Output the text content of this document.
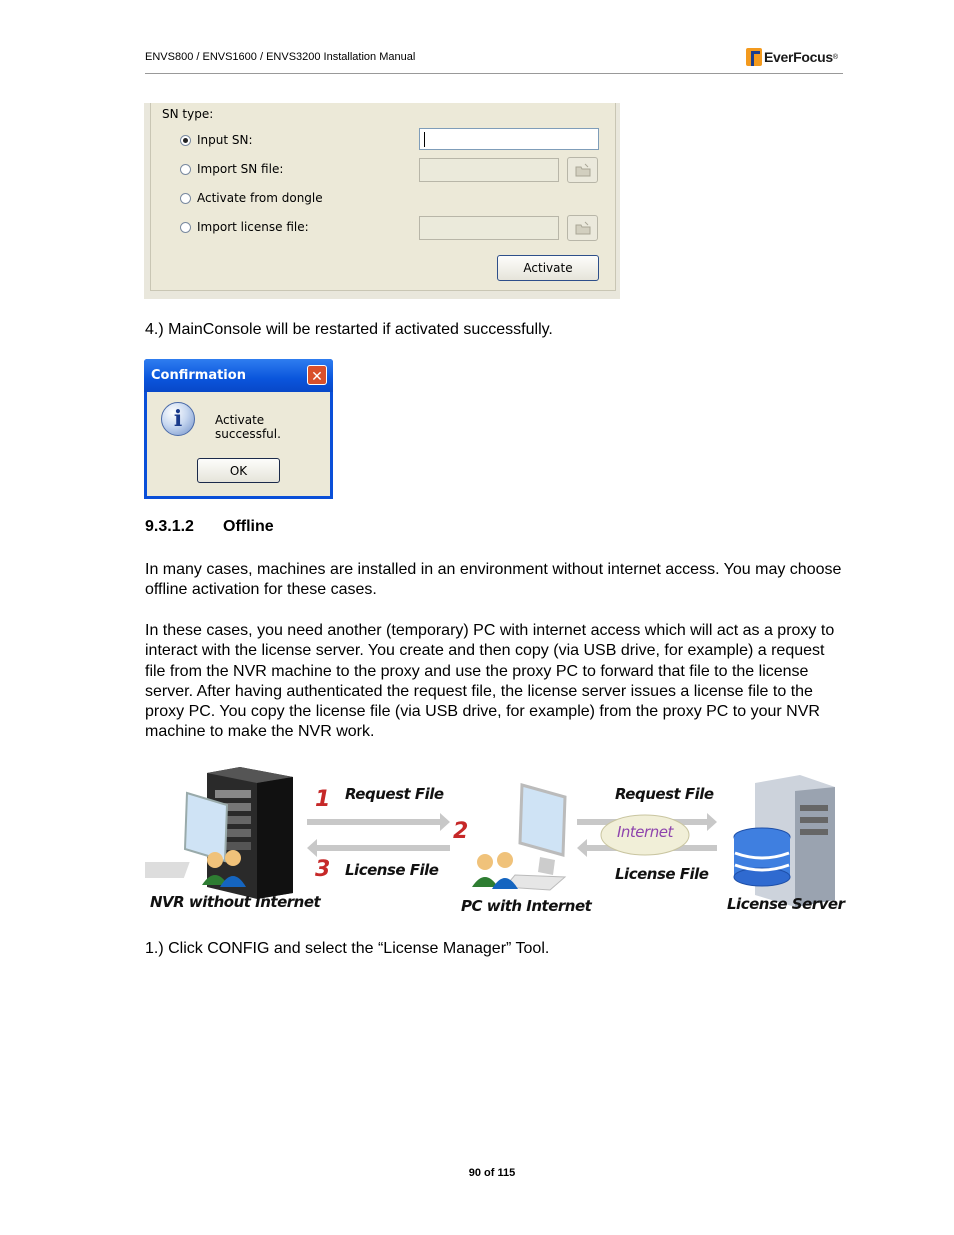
ENVS800 / ENVS1600 / ENVS3200 Installation Manual	EverFocus ®
SN type:
Input SN:
Import SN file:
Activate from dongle
Import license file:
Activate
4.) MainConsole will be restarted if activated successfully.
Confirmation	✕
i	Activate successful.
OK
9.3.1.2 Offline
In many cases, machines are installed in an environment without internet access. You may choose offline activation for these cases.
In these cases, you need another (temporary) PC with internet access which will act as a proxy to interact with the license server. You create and then copy (via USB drive, for example) a request file from the NVR machine to the proxy and use the proxy PC to forward that file to the license server. After having authenticated the request file, the license server issues a license file to the proxy PC. You copy the license file (via USB drive, for example) from the proxy PC to your NVR machine to make the NVR work.
NVR without Internet	PC with Internet	License Server
1
2
3
Request File
License File
Request File
License File
Internet
1.) Click CONFIG and select the “License Manager” Tool.
90 of 115
